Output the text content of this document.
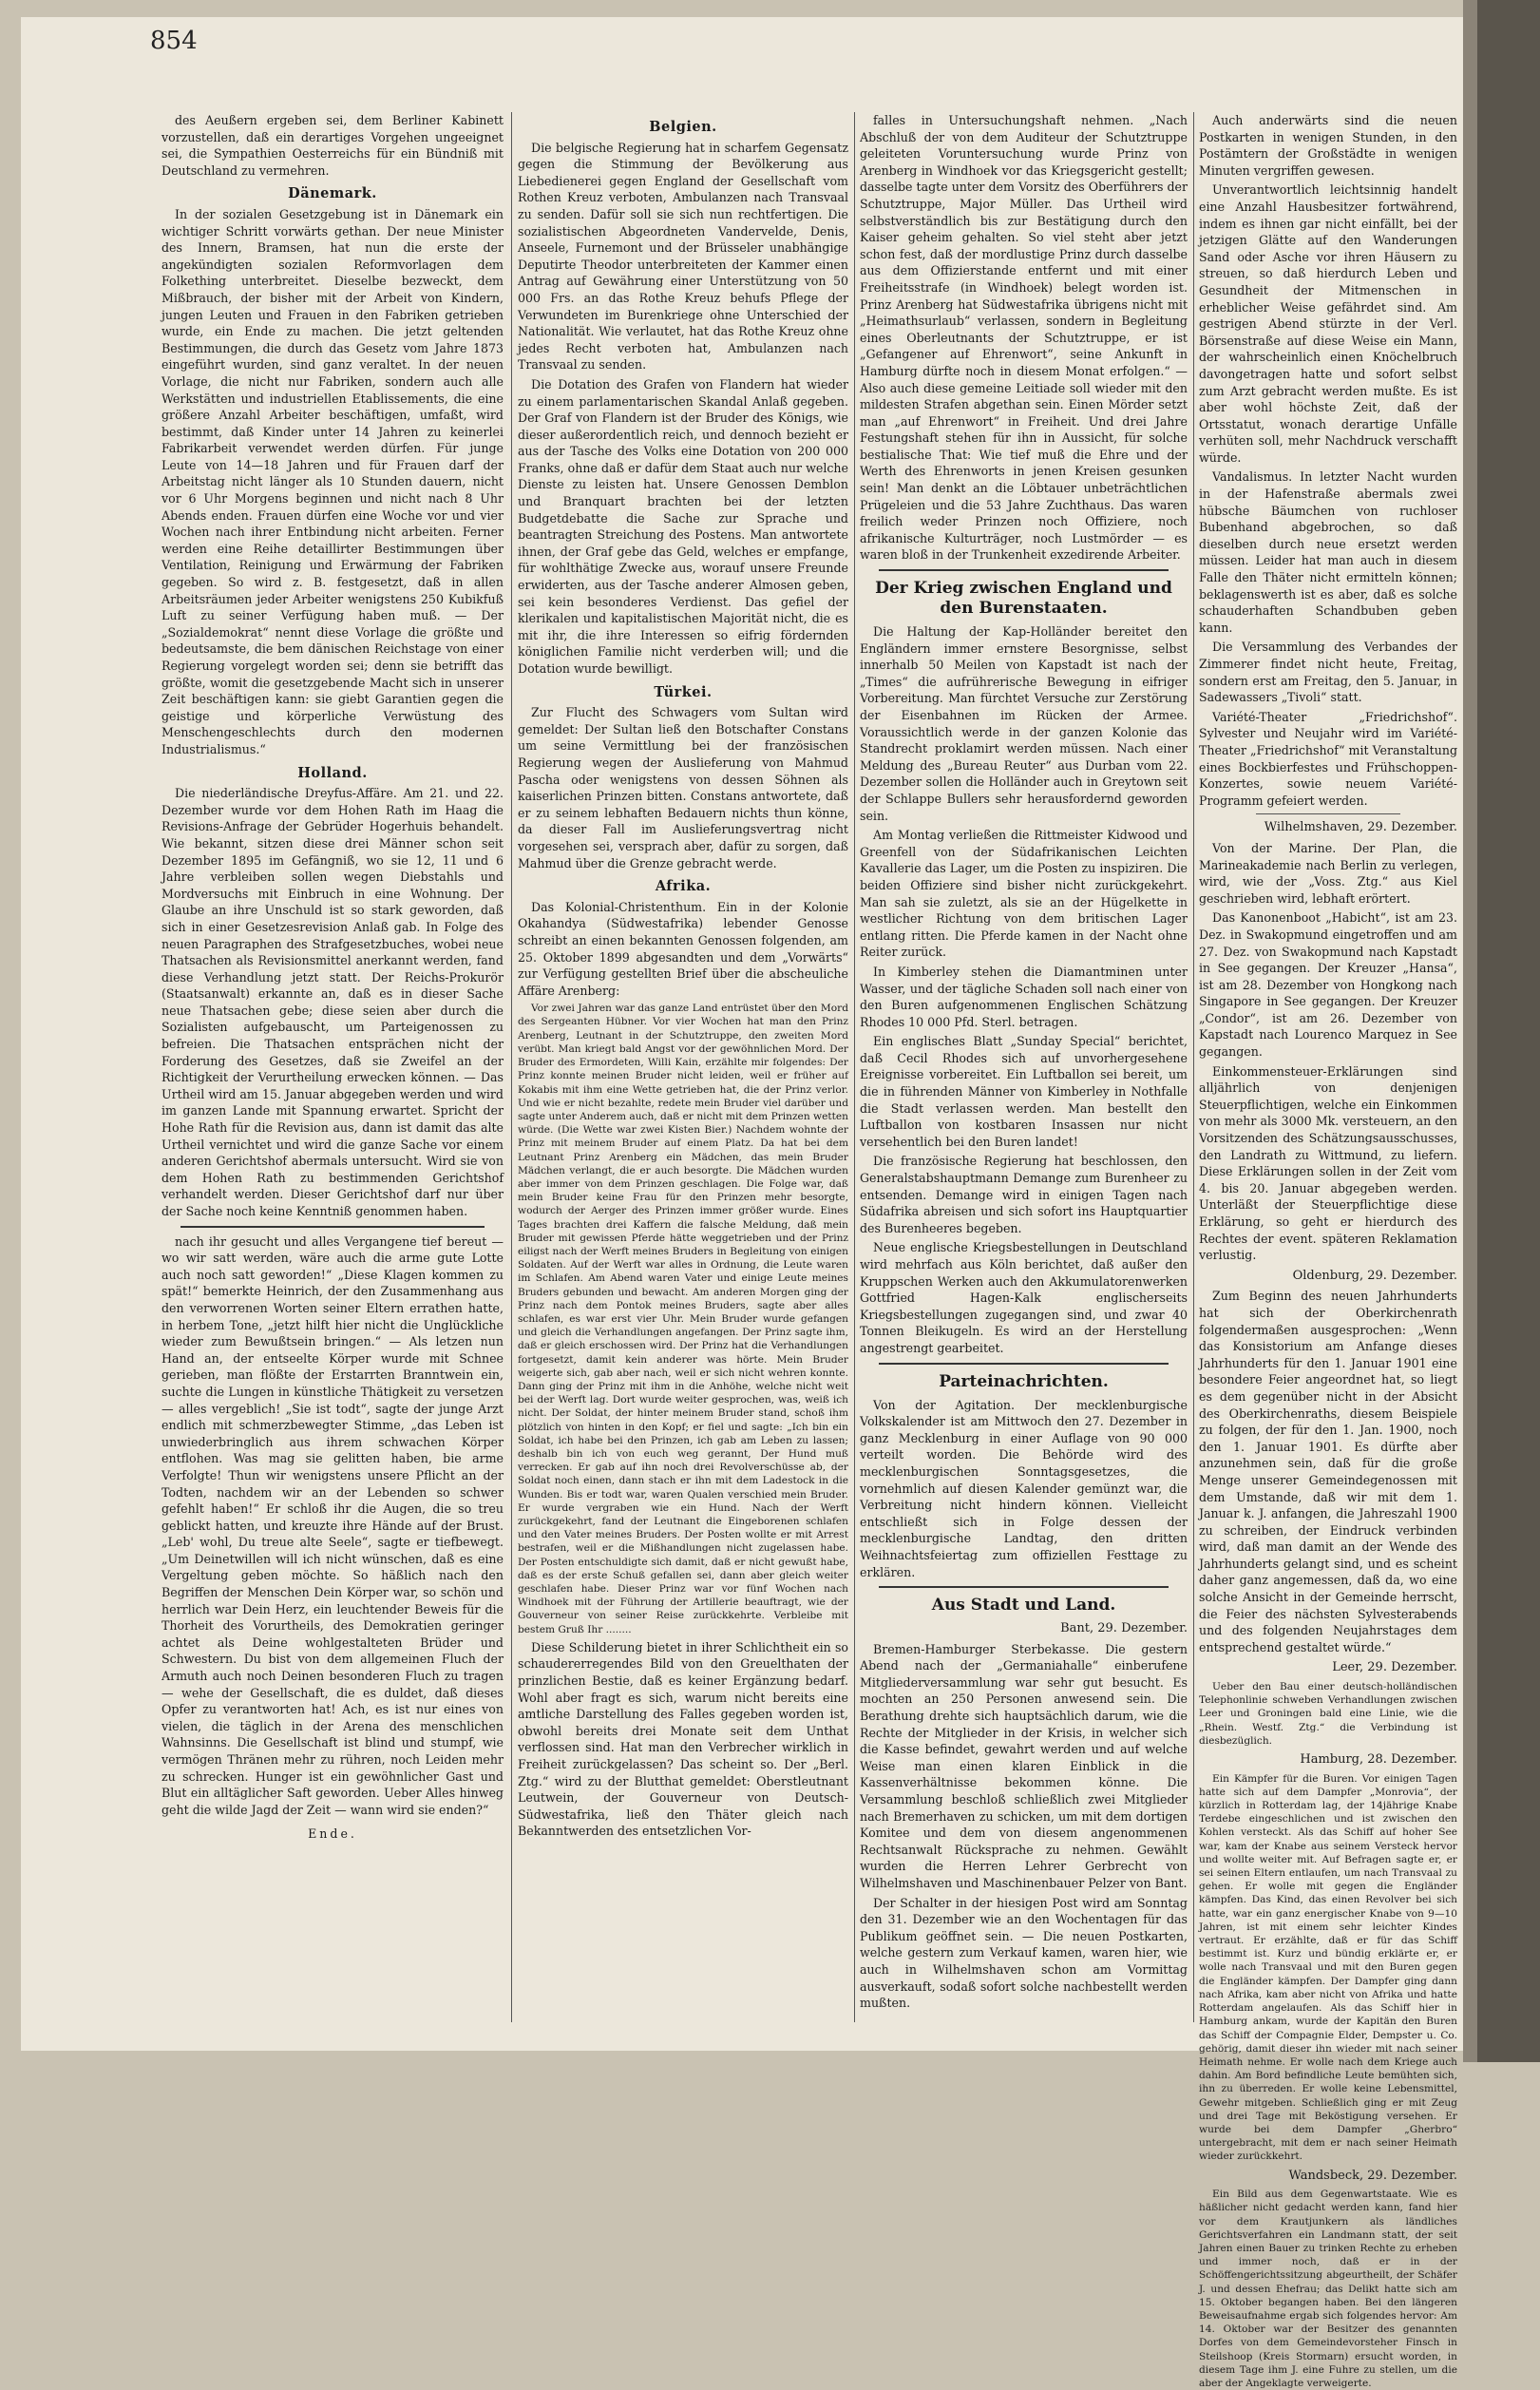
854

des Aeußern ergeben sei, dem Berliner Kabinett vorzustellen, daß ein derartiges Vorgehen ungeeignet sei, die Sympathien Oesterreichs für ein Bündniß mit Deutschland zu vermehren.

Dänemark.

In der sozialen Gesetzgebung ist in Dänemark ein wichtiger Schritt vorwärts gethan. Der neue Minister des Innern, Bramsen, hat nun die erste der angekündigten sozialen Reformvorlagen dem Folkething unterbreitet. Dieselbe bezweckt, dem Mißbrauch, der bisher mit der Arbeit von Kindern, jungen Leuten und Frauen in den Fabriken getrieben wurde, ein Ende zu machen. Die jetzt geltenden Bestimmungen, die durch das Gesetz vom Jahre 1873 eingeführt wurden, sind ganz veraltet. In der neuen Vorlage, die nicht nur Fabriken, sondern auch alle Werkstätten und industriellen Etablissements, die eine größere Anzahl Arbeiter beschäftigen, umfaßt, wird bestimmt, daß Kinder unter 14 Jahren zu keinerlei Fabrikarbeit verwendet werden dürfen. Für junge Leute von 14—18 Jahren und für Frauen darf der Arbeitstag nicht länger als 10 Stunden dauern, nicht vor 6 Uhr Morgens beginnen und nicht nach 8 Uhr Abends enden. Frauen dürfen eine Woche vor und vier Wochen nach ihrer Entbindung nicht arbeiten. Ferner werden eine Reihe detaillirter Bestimmungen über Ventilation, Reinigung und Erwärmung der Fabriken gegeben. So wird z. B. festgesetzt, daß in allen Arbeitsräumen jeder Arbeiter wenigstens 250 Kubikfuß Luft zu seiner Verfügung haben muß. — Der „Sozialdemokrat“ nennt diese Vorlage die größte und bedeutsamste, die bem dänischen Reichstage von einer Regierung vorgelegt worden sei; denn sie betrifft das größte, womit die gesetzgebende Macht sich in unserer Zeit beschäftigen kann: sie giebt Garantien gegen die geistige und körperliche Verwüstung des Menschengeschlechts durch den modernen Industrialismus.“

Holland.

Die niederländische Dreyfus-Affäre. Am 21. und 22. Dezember wurde vor dem Hohen Rath im Haag die Revisions-Anfrage der Gebrüder Hogerhuis behandelt. Wie bekannt, sitzen diese drei Männer schon seit Dezember 1895 im Gefängniß, wo sie 12, 11 und 6 Jahre verbleiben sollen wegen Diebstahls und Mordversuchs mit Einbruch in eine Wohnung. Der Glaube an ihre Unschuld ist so stark geworden, daß sich in einer Gesetzesrevision Anlaß gab. In Folge des neuen Paragraphen des Strafgesetzbuches, wobei neue Thatsachen als Revisionsmittel anerkannt werden, fand diese Verhandlung jetzt statt. Der Reichs-Prokurör (Staatsanwalt) erkannte an, daß es in dieser Sache neue Thatsachen gebe; diese seien aber durch die Sozialisten aufgebauscht, um Parteigenossen zu befreien. Die Thatsachen entsprächen nicht der Forderung des Gesetzes, daß sie Zweifel an der Richtigkeit der Verurtheilung erwecken können. — Das Urtheil wird am 15. Januar abgegeben werden und wird im ganzen Lande mit Spannung erwartet. Spricht der Hohe Rath für die Revision aus, dann ist damit das alte Urtheil vernichtet und wird die ganze Sache vor einem anderen Gerichtshof abermals untersucht. Wird sie von dem Hohen Rath zu bestimmenden Gerichtshof verhandelt werden. Dieser Gerichtshof darf nur über der Sache noch keine Kenntniß genommen haben.

nach ihr gesucht und alles Vergangene tief bereut — wo wir satt werden, wäre auch die arme gute Lotte auch noch satt geworden!“ „Diese Klagen kommen zu spät!“ bemerkte Heinrich, der den Zusammenhang aus den verworrenen Worten seiner Eltern errathen hatte, in herbem Tone, „jetzt hilft hier nicht die Unglückliche wieder zum Bewußtsein bringen.“ — Als letzen nun Hand an, der entseelte Körper wurde mit Schnee gerieben, man flößte der Erstarrten Branntwein ein, suchte die Lungen in künstliche Thätigkeit zu versetzen — alles vergeblich! „Sie ist todt“, sagte der junge Arzt endlich mit schmerzbewegter Stimme, „das Leben ist unwiederbringlich aus ihrem schwachen Körper entflohen. Was mag sie gelitten haben, bie arme Verfolgte! Thun wir wenigstens unsere Pflicht an der Todten, nachdem wir an der Lebenden so schwer gefehlt haben!“ Er schloß ihr die Augen, die so treu geblickt hatten, und kreuzte ihre Hände auf der Brust. „Leb' wohl, Du treue alte Seele“, sagte er tiefbewegt. „Um Deinetwillen will ich nicht wünschen, daß es eine Vergeltung geben möchte. So häßlich nach den Begriffen der Menschen Dein Körper war, so schön und herrlich war Dein Herz, ein leuchtender Beweis für die Thorheit des Vorurtheils, des Demokratien geringer achtet als Deine wohlgestalteten Brüder und Schwestern. Du bist von dem allgemeinen Fluch der Armuth auch noch Deinen besonderen Fluch zu tragen — wehe der Gesellschaft, die es duldet, daß dieses Opfer zu verantworten hat! Ach, es ist nur eines von vielen, die täglich in der Arena des menschlichen Wahnsinns. Die Gesellschaft ist blind und stumpf, wie vermögen Thränen mehr zu rühren, noch Leiden mehr zu schrecken. Hunger ist ein gewöhnlicher Gast und Blut ein alltäglicher Saft geworden. Ueber Alles hinweg geht die wilde Jagd der Zeit — wann wird sie enden?“

Ende.
Belgien.

Die belgische Regierung hat in scharfem Gegensatz gegen die Stimmung der Bevölkerung aus Liebedienerei gegen England der Gesellschaft vom Rothen Kreuz verboten, Ambulanzen nach Transvaal zu senden. Dafür soll sie sich nun rechtfertigen. Die sozialistischen Abgeordneten Vandervelde, Denis, Anseele, Furnemont und der Brüsseler unabhängige Deputirte Theodor unterbreiteten der Kammer einen Antrag auf Gewährung einer Unterstützung von 50 000 Frs. an das Rothe Kreuz behufs Pflege der Verwundeten im Burenkriege ohne Unterschied der Nationalität. Wie verlautet, hat das Rothe Kreuz ohne jedes Recht verboten hat, Ambulanzen nach Transvaal zu senden.

Die Dotation des Grafen von Flandern hat wieder zu einem parlamentarischen Skandal Anlaß gegeben. Der Graf von Flandern ist der Bruder des Königs, wie dieser außerordentlich reich, und dennoch bezieht er aus der Tasche des Volks eine Dotation von 200 000 Franks, ohne daß er dafür dem Staat auch nur welche Dienste zu leisten hat. Unsere Genossen Demblon und Branquart brachten bei der letzten Budgetdebatte die Sache zur Sprache und beantragten Streichung des Postens. Man antwortete ihnen, der Graf gebe das Geld, welches er empfange, für wohlthätige Zwecke aus, worauf unsere Freunde erwiderten, aus der Tasche anderer Almosen geben, sei kein besonderes Verdienst. Das gefiel der klerikalen und kapitalistischen Majorität nicht, die es mit ihr, die ihre Interessen so eifrig fördernden königlichen Familie nicht verderben will; und die Dotation wurde bewilligt.

Türkei.

Zur Flucht des Schwagers vom Sultan wird gemeldet: Der Sultan ließ den Botschafter Constans um seine Vermittlung bei der französischen Regierung wegen der Auslieferung von Mahmud Pascha oder wenigstens von dessen Söhnen als kaiserlichen Prinzen bitten. Constans antwortete, daß er zu seinem lebhaften Bedauern nichts thun könne, da dieser Fall im Auslieferungsvertrag nicht vorgesehen sei, versprach aber, dafür zu sorgen, daß Mahmud über die Grenze gebracht werde.

Afrika.

Das Kolonial-Christenthum. Ein in der Kolonie Okahandya (Südwestafrika) lebender Genosse schreibt an einen bekannten Genossen folgenden, am 25. Oktober 1899 abgesandten und dem „Vorwärts“ zur Verfügung gestellten Brief über die abscheuliche Affäre Arenberg:

Vor zwei Jahren war das ganze Land entrüstet über den Mord des Sergeanten Hübner. Vor vier Wochen hat man den Prinz Arenberg, Leutnant in der Schutztruppe, den zweiten Mord verübt. Man kriegt bald Angst vor der gewöhnlichen Mord. Der Bruder des Ermordeten, Willi Kain, erzählte mir folgendes: Der Prinz konnte meinen Bruder nicht leiden, weil er früher auf Kokabis mit ihm eine Wette getrieben hat, die der Prinz verlor. Und wie er nicht bezahlte, redete mein Bruder viel darüber und sagte unter Anderem auch, daß er nicht mit dem Prinzen wetten würde. (Die Wette war zwei Kisten Bier.) Nachdem wohnte der Prinz mit meinem Bruder auf einem Platz. Da hat bei dem Leutnant Prinz Arenberg ein Mädchen, das mein Bruder Mädchen verlangt, die er auch besorgte. Die Mädchen wurden aber immer von dem Prinzen geschlagen. Die Folge war, daß mein Bruder keine Frau für den Prinzen mehr besorgte, wodurch der Aerger des Prinzen immer größer wurde. Eines Tages brachten drei Kaffern die falsche Meldung, daß mein Bruder mit gewissen Pferde hätte weggetrieben und der Prinz eiligst nach der Werft meines Bruders in Begleitung von einigen Soldaten. Auf der Werft war alles in Ordnung, die Leute waren im Schlafen. Am Abend waren Vater und einige Leute meines Bruders gebunden und bewacht. Am anderen Morgen ging der Prinz nach dem Pontok meines Bruders, sagte aber alles schlafen, es war erst vier Uhr. Mein Bruder wurde gefangen und gleich die Verhandlungen angefangen. Der Prinz sagte ihm, daß er gleich erschossen wird. Der Prinz hat die Verhandlungen fortgesetzt, damit kein anderer was hörte. Mein Bruder weigerte sich, gab aber nach, weil er sich nicht wehren konnte. Dann ging der Prinz mit ihm in die Anhöhe, welche nicht weit bei der Werft lag. Dort wurde weiter gesprochen, was, weiß ich nicht. Der Soldat, der hinter meinem Bruder stand, schoß ihm plötzlich von hinten in den Kopf; er fiel und sagte: „Ich bin ein Soldat, ich habe bei den Prinzen, ich gab am Leben zu lassen; deshalb bin ich von euch weg gerannt, Der Hund muß verrecken. Er gab auf ihn noch drei Revolverschüsse ab, der Soldat noch einen, dann stach er ihn mit dem Ladestock in die Wunden. Bis er todt war, waren Qualen verschied mein Bruder. Er wurde vergraben wie ein Hund. Nach der Werft zurückgekehrt, fand der Leutnant die Eingeborenen schlafen und den Vater meines Bruders. Der Posten wollte er mit Arrest bestrafen, weil er die Mißhandlungen nicht zugelassen habe. Der Posten entschuldigte sich damit, daß er nicht gewußt habe, daß es der erste Schuß gefallen sei, dann aber gleich weiter geschlafen habe. Dieser Prinz war vor fünf Wochen nach Windhoek mit der Führung der Artillerie beauftragt, wie der Gouverneur von seiner Reise zurückkehrte. Verbleibe mit bestem Gruß Ihr ........

Diese Schilderung bietet in ihrer Schlichtheit ein so schaudererregendes Bild von den Greuelthaten der prinzlichen Bestie, daß es keiner Ergänzung bedarf. Wohl aber fragt es sich, warum nicht bereits eine amtliche Darstellung des Falles gegeben worden ist, obwohl bereits drei Monate seit dem Unthat verflossen sind. Hat man den Verbrecher wirklich in Freiheit zurückgelassen? Das scheint so. Der „Berl. Ztg.“ wird zu der Blutthat gemeldet: Oberstleutnant Leutwein, der Gouverneur von Deutsch-Südwestafrika, ließ den Thäter gleich nach Bekanntwerden des entsetzlichen Vor-

falles in Untersuchungshaft nehmen. „Nach Abschluß der von dem Auditeur der Schutztruppe geleiteten Voruntersuchung wurde Prinz von Arenberg in Windhoek vor das Kriegsgericht gestellt; dasselbe tagte unter dem Vorsitz des Oberführers der Schutztruppe, Major Müller. Das Urtheil wird selbstverständlich bis zur Bestätigung durch den Kaiser geheim gehalten. So viel steht aber jetzt schon fest, daß der mordlustige Prinz durch dasselbe aus dem Offizierstande entfernt und mit einer Freiheitsstrafe (in Windhoek) belegt worden ist. Prinz Arenberg hat Südwestafrika übrigens nicht mit „Heimathsurlaub“ verlassen, sondern in Begleitung eines Oberleutnants der Schutztruppe, er ist „Gefangener auf Ehrenwort“, seine Ankunft in Hamburg dürfte noch in diesem Monat erfolgen.“ — Also auch diese gemeine Leitiade soll wieder mit den mildesten Strafen abgethan sein. Einen Mörder setzt man „auf Ehrenwort“ in Freiheit. Und drei Jahre Festungshaft stehen für ihn in Aussicht, für solche bestialische That: Wie tief muß die Ehre und der Werth des Ehrenworts in jenen Kreisen gesunken sein! Man denkt an die Löbtauer unbeträchtlichen Prügeleien und die 53 Jahre Zuchthaus. Das waren freilich weder Prinzen noch Offiziere, noch afrikanische Kulturträger, noch Lustmörder — es waren bloß in der Trunkenheit exzedirende Arbeiter.

Der Krieg zwischen England und den Burenstaaten.

Die Haltung der Kap-Holländer bereitet den Engländern immer ernstere Besorgnisse, selbst innerhalb 50 Meilen von Kapstadt ist nach der „Times“ die aufrührerische Bewegung in eifriger Vorbereitung. Man fürchtet Versuche zur Zerstörung der Eisenbahnen im Rücken der Armee. Voraussichtlich werde in der ganzen Kolonie das Standrecht proklamirt werden müssen. Nach einer Meldung des „Bureau Reuter“ aus Durban vom 22. Dezember sollen die Holländer auch in Greytown seit der Schlappe Bullers sehr herausfordernd geworden sein.

Am Montag verließen die Rittmeister Kidwood und Greenfell von der Südafrikanischen Leichten Kavallerie das Lager, um die Posten zu inspiziren. Die beiden Offiziere sind bisher nicht zurückgekehrt. Man sah sie zuletzt, als sie an der Hügelkette in westlicher Richtung von dem britischen Lager entlang ritten. Die Pferde kamen in der Nacht ohne Reiter zurück.

In Kimberley stehen die Diamantminen unter Wasser, und der tägliche Schaden soll nach einer von den Buren aufgenommenen Englischen Schätzung Rhodes 10 000 Pfd. Sterl. betragen.

Ein englisches Blatt „Sunday Special“ berichtet, daß Cecil Rhodes sich auf unvorhergesehene Ereignisse vorbereitet. Ein Luftballon sei bereit, um die in führenden Männer von Kimberley in Nothfalle die Stadt verlassen werden. Man bestellt den Luftballon von kostbaren Insassen nur nicht versehentlich bei den Buren landet!

Die französische Regierung hat beschlossen, den Generalstabshauptmann Demange zum Burenheer zu entsenden. Demange wird in einigen Tagen nach Südafrika abreisen und sich sofort ins Hauptquartier des Burenheeres begeben.

Neue englische Kriegsbestellungen in Deutschland wird mehrfach aus Köln berichtet, daß außer den Kruppschen Werken auch den Akkumulatorenwerken Gottfried Hagen-Kalk englischerseits Kriegsbestellungen zugegangen sind, und zwar 40 Tonnen Bleikugeln. Es wird an der Herstellung angestrengt gearbeitet.

Parteinachrichten.

Von der Agitation. Der mecklenburgische Volkskalender ist am Mittwoch den 27. Dezember in ganz Mecklenburg in einer Auflage von 90 000 verteilt worden. Die Behörde wird des mecklenburgischen Sonntagsgesetzes, die vornehmlich auf diesen Kalender gemünzt war, die Verbreitung nicht hindern können. Vielleicht entschließt sich in Folge dessen der mecklenburgische Landtag, den dritten Weihnachtsfeiertag zum offiziellen Festtage zu erklären.

Aus Stadt und Land.
Bant, 29. Dezember.

Bremen-Hamburger Sterbekasse. Die gestern Abend nach der „Germaniahalle“ einberufene Mitgliederversammlung war sehr gut besucht. Es mochten an 250 Personen anwesend sein. Die Berathung drehte sich hauptsächlich darum, wie die Rechte der Mitglieder in der Krisis, in welcher sich die Kasse befindet, gewahrt werden und auf welche Weise man einen klaren Einblick in die Kassenverhältnisse bekommen könne. Die Versammlung beschloß schließlich zwei Mitglieder nach Bremerhaven zu schicken, um mit dem dortigen Komitee und dem von diesem angenommenen Rechtsanwalt Rücksprache zu nehmen. Gewählt wurden die Herren Lehrer Gerbrecht von Wilhelmshaven und Maschinenbauer Pelzer von Bant.

Der Schalter in der hiesigen Post wird am Sonntag den 31. Dezember wie an den Wochentagen für das Publikum geöffnet sein. — Die neuen Postkarten, welche gestern zum Verkauf kamen, waren hier, wie auch in Wilhelmshaven schon am Vormittag ausverkauft, sodaß sofort solche nachbestellt werden mußten.

Auch anderwärts sind die neuen Postkarten in wenigen Stunden, in den Postämtern der Großstädte in wenigen Minuten vergriffen gewesen.

Unverantwortlich leichtsinnig handelt eine Anzahl Hausbesitzer fortwährend, indem es ihnen gar nicht einfällt, bei der jetzigen Glätte auf den Wanderungen Sand oder Asche vor ihren Häusern zu streuen, so daß hierdurch Leben und Gesundheit der Mitmenschen in erheblicher Weise gefährdet sind. Am gestrigen Abend stürzte in der Verl. Börsenstraße auf diese Weise ein Mann, der wahrscheinlich einen Knöchelbruch davongetragen hatte und sofort selbst zum Arzt gebracht werden mußte. Es ist aber wohl höchste Zeit, daß der Ortsstatut, wonach derartige Unfälle verhüten soll, mehr Nachdruck verschafft würde.

Vandalismus. In letzter Nacht wurden in der Hafenstraße abermals zwei hübsche Bäumchen von ruchloser Bubenhand abgebrochen, so daß dieselben durch neue ersetzt werden müssen. Leider hat man auch in diesem Falle den Thäter nicht ermitteln können; beklagenswerth ist es aber, daß es solche schauderhaften Schandbuben geben kann.

Die Versammlung des Verbandes der Zimmerer findet nicht heute, Freitag, sondern erst am Freitag, den 5. Januar, in Sadewassers „Tivoli“ statt.

Variété-Theater „Friedrichshof“. Sylvester und Neujahr wird im Variété-Theater „Friedrichshof“ mit Veranstaltung eines Bockbierfestes und Frühschoppen-Konzertes, sowie neuem Variété-Programm gefeiert werden.

Wilhelmshaven, 29. Dezember.

Von der Marine. Der Plan, die Marineakademie nach Berlin zu verlegen, wird, wie der „Voss. Ztg.“ aus Kiel geschrieben wird, lebhaft erörtert.

Das Kanonenboot „Habicht“, ist am 23. Dez. in Swakopmund eingetroffen und am 27. Dez. von Swakopmund nach Kapstadt in See gegangen. Der Kreuzer „Hansa“, ist am 28. Dezember von Hongkong nach Singapore in See gegangen. Der Kreuzer „Condor“, ist am 26. Dezember von Kapstadt nach Lourenco Marquez in See gegangen.

Einkommensteuer-Erklärungen sind alljährlich von denjenigen Steuerpflichtigen, welche ein Einkommen von mehr als 3000 Mk. versteuern, an den Vorsitzenden des Schätzungsausschusses, den Landrath zu Wittmund, zu liefern. Diese Erklärungen sollen in der Zeit vom 4. bis 20. Januar abgegeben werden. Unterläßt der Steuerpflichtige diese Erklärung, so geht er hierdurch des Rechtes der event. späteren Reklamation verlustig.

Oldenburg, 29. Dezember.

Zum Beginn des neuen Jahrhunderts hat sich der Oberkirchenrath folgendermaßen ausgesprochen: „Wenn das Konsistorium am Anfange dieses Jahrhunderts für den 1. Januar 1901 eine besondere Feier angeordnet hat, so liegt es dem gegenüber nicht in der Absicht des Oberkirchenraths, diesem Beispiele zu folgen, der für den 1. Jan. 1900, noch den 1. Januar 1901. Es dürfte aber anzunehmen sein, daß für die große Menge unserer Gemeindegenossen mit dem Umstande, daß wir mit dem 1. Januar k. J. anfangen, die Jahreszahl 1900 zu schreiben, der Eindruck verbinden wird, daß man damit an der Wende des Jahrhunderts gelangt sind, und es scheint daher ganz angemessen, daß da, wo eine solche Ansicht in der Gemeinde herrscht, die Feier des nächsten Sylvesterabends und des folgenden Neujahrstages dem entsprechend gestaltet würde.“

Leer, 29. Dezember.

Ueber den Bau einer deutsch-holländischen Telephonlinie schweben Verhandlungen zwischen Leer und Groningen bald eine Linie, wie die „Rhein. Westf. Ztg.“ die Verbindung ist diesbezüglich.

Hamburg, 28. Dezember.

Ein Kämpfer für die Buren. Vor einigen Tagen hatte sich auf dem Dampfer „Monrovia“, der kürzlich in Rotterdam lag, der 14jährige Knabe Terdebe eingeschlichen und ist zwischen den Kohlen versteckt. Als das Schiff auf hoher See war, kam der Knabe aus seinem Versteck hervor und wollte weiter mit. Auf Befragen sagte er, er sei seinen Eltern entlaufen, um nach Transvaal zu gehen. Er wolle mit gegen die Engländer kämpfen. Das Kind, das einen Revolver bei sich hatte, war ein ganz energischer Knabe von 9—10 Jahren, ist mit einem sehr leichter Kindes vertraut. Er erzählte, daß er für das Schiff bestimmt ist. Kurz und bündig erklärte er, er wolle nach Transvaal und mit den Buren gegen die Engländer kämpfen. Der Dampfer ging dann nach Afrika, kam aber nicht von Afrika und hatte Rotterdam angelaufen. Als das Schiff hier in Hamburg ankam, wurde der Kapitän den Buren das Schiff der Compagnie Elder, Dempster u. Co. gehörig, damit dieser ihn wieder mit nach seiner Heimath nehme. Er wolle nach dem Kriege auch dahin. Am Bord befindliche Leute bemühten sich, ihn zu überreden. Er wolle keine Lebensmittel, Gewehr mitgeben. Schließlich ging er mit Zeug und drei Tage mit Beköstigung versehen. Er wurde bei dem Dampfer „Gherbro“ untergebracht, mit dem er nach seiner Heimath wieder zurückkehrt.

Wandsbeck, 29. Dezember.

Ein Bild aus dem Gegenwartstaate. Wie es häßlicher nicht gedacht werden kann, fand hier vor dem Krautjunkern als ländliches Gerichtsverfahren ein Landmann statt, der seit Jahren einen Bauer zu trinken Rechte zu erheben und immer noch, daß er in der Schöffengerichtssitzung abgeurtheilt, der Schäfer J. und dessen Ehefrau; das Delikt hatte sich am 15. Oktober begangen haben. Bei den längeren Beweisaufnahme ergab sich folgendes hervor: Am 14. Oktober war der Besitzer des genannten Dorfes von dem Gemeindevorsteher Finsch in Steilshoop (Kreis Stormarn) ersucht worden, in diesem Tage ihm J. eine Fuhre zu stellen, um die aber der Angeklagte verweigerte.
